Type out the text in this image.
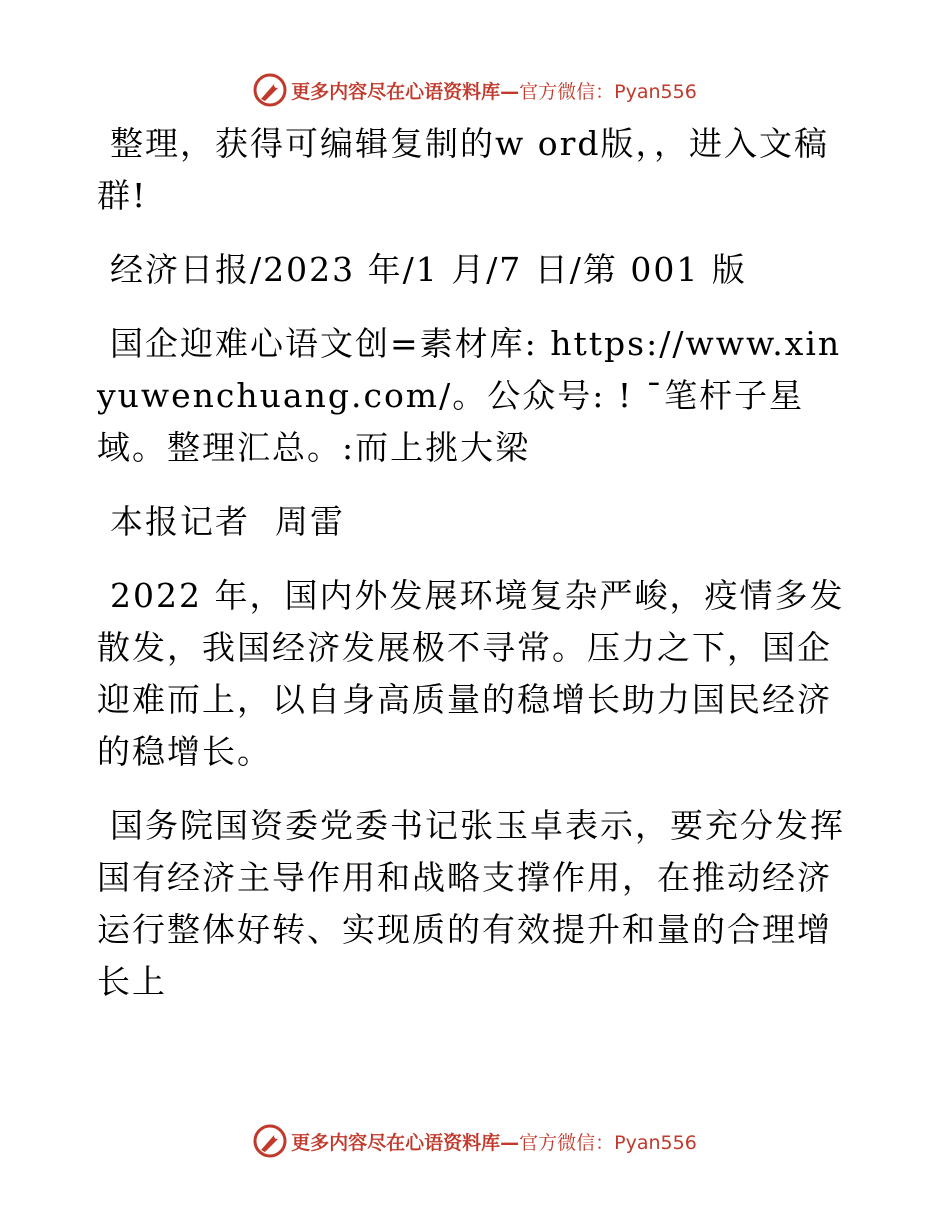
更多内容尽在心语资料库— 官方微信：Pyan556

整理，获得可编辑复制的w ord版，，进入文稿群!

经济日报/2023 年/1 月/7 日/第 001 版

国企迎难心语文创=素材库: https://www.xinyuwenchuang.com/。公众号: ! ¯笔杆子星域。整理汇总。:而上挑大梁

本报记者  周雷

2022 年，国内外发展环境复杂严峻，疫情多发散发，我国经济发展极不寻常。压力之下，国企迎难而上，以自身高质量的稳增长助力国民经济的稳增长。

国务院国资委党委书记张玉卓表示，要充分发挥国有经济主导作用和战略支撑作用，在推动经济运行整体好转、实现质的有效提升和量的合理增长上

更多内容尽在心语资料库— 官方微信：Pyan556
